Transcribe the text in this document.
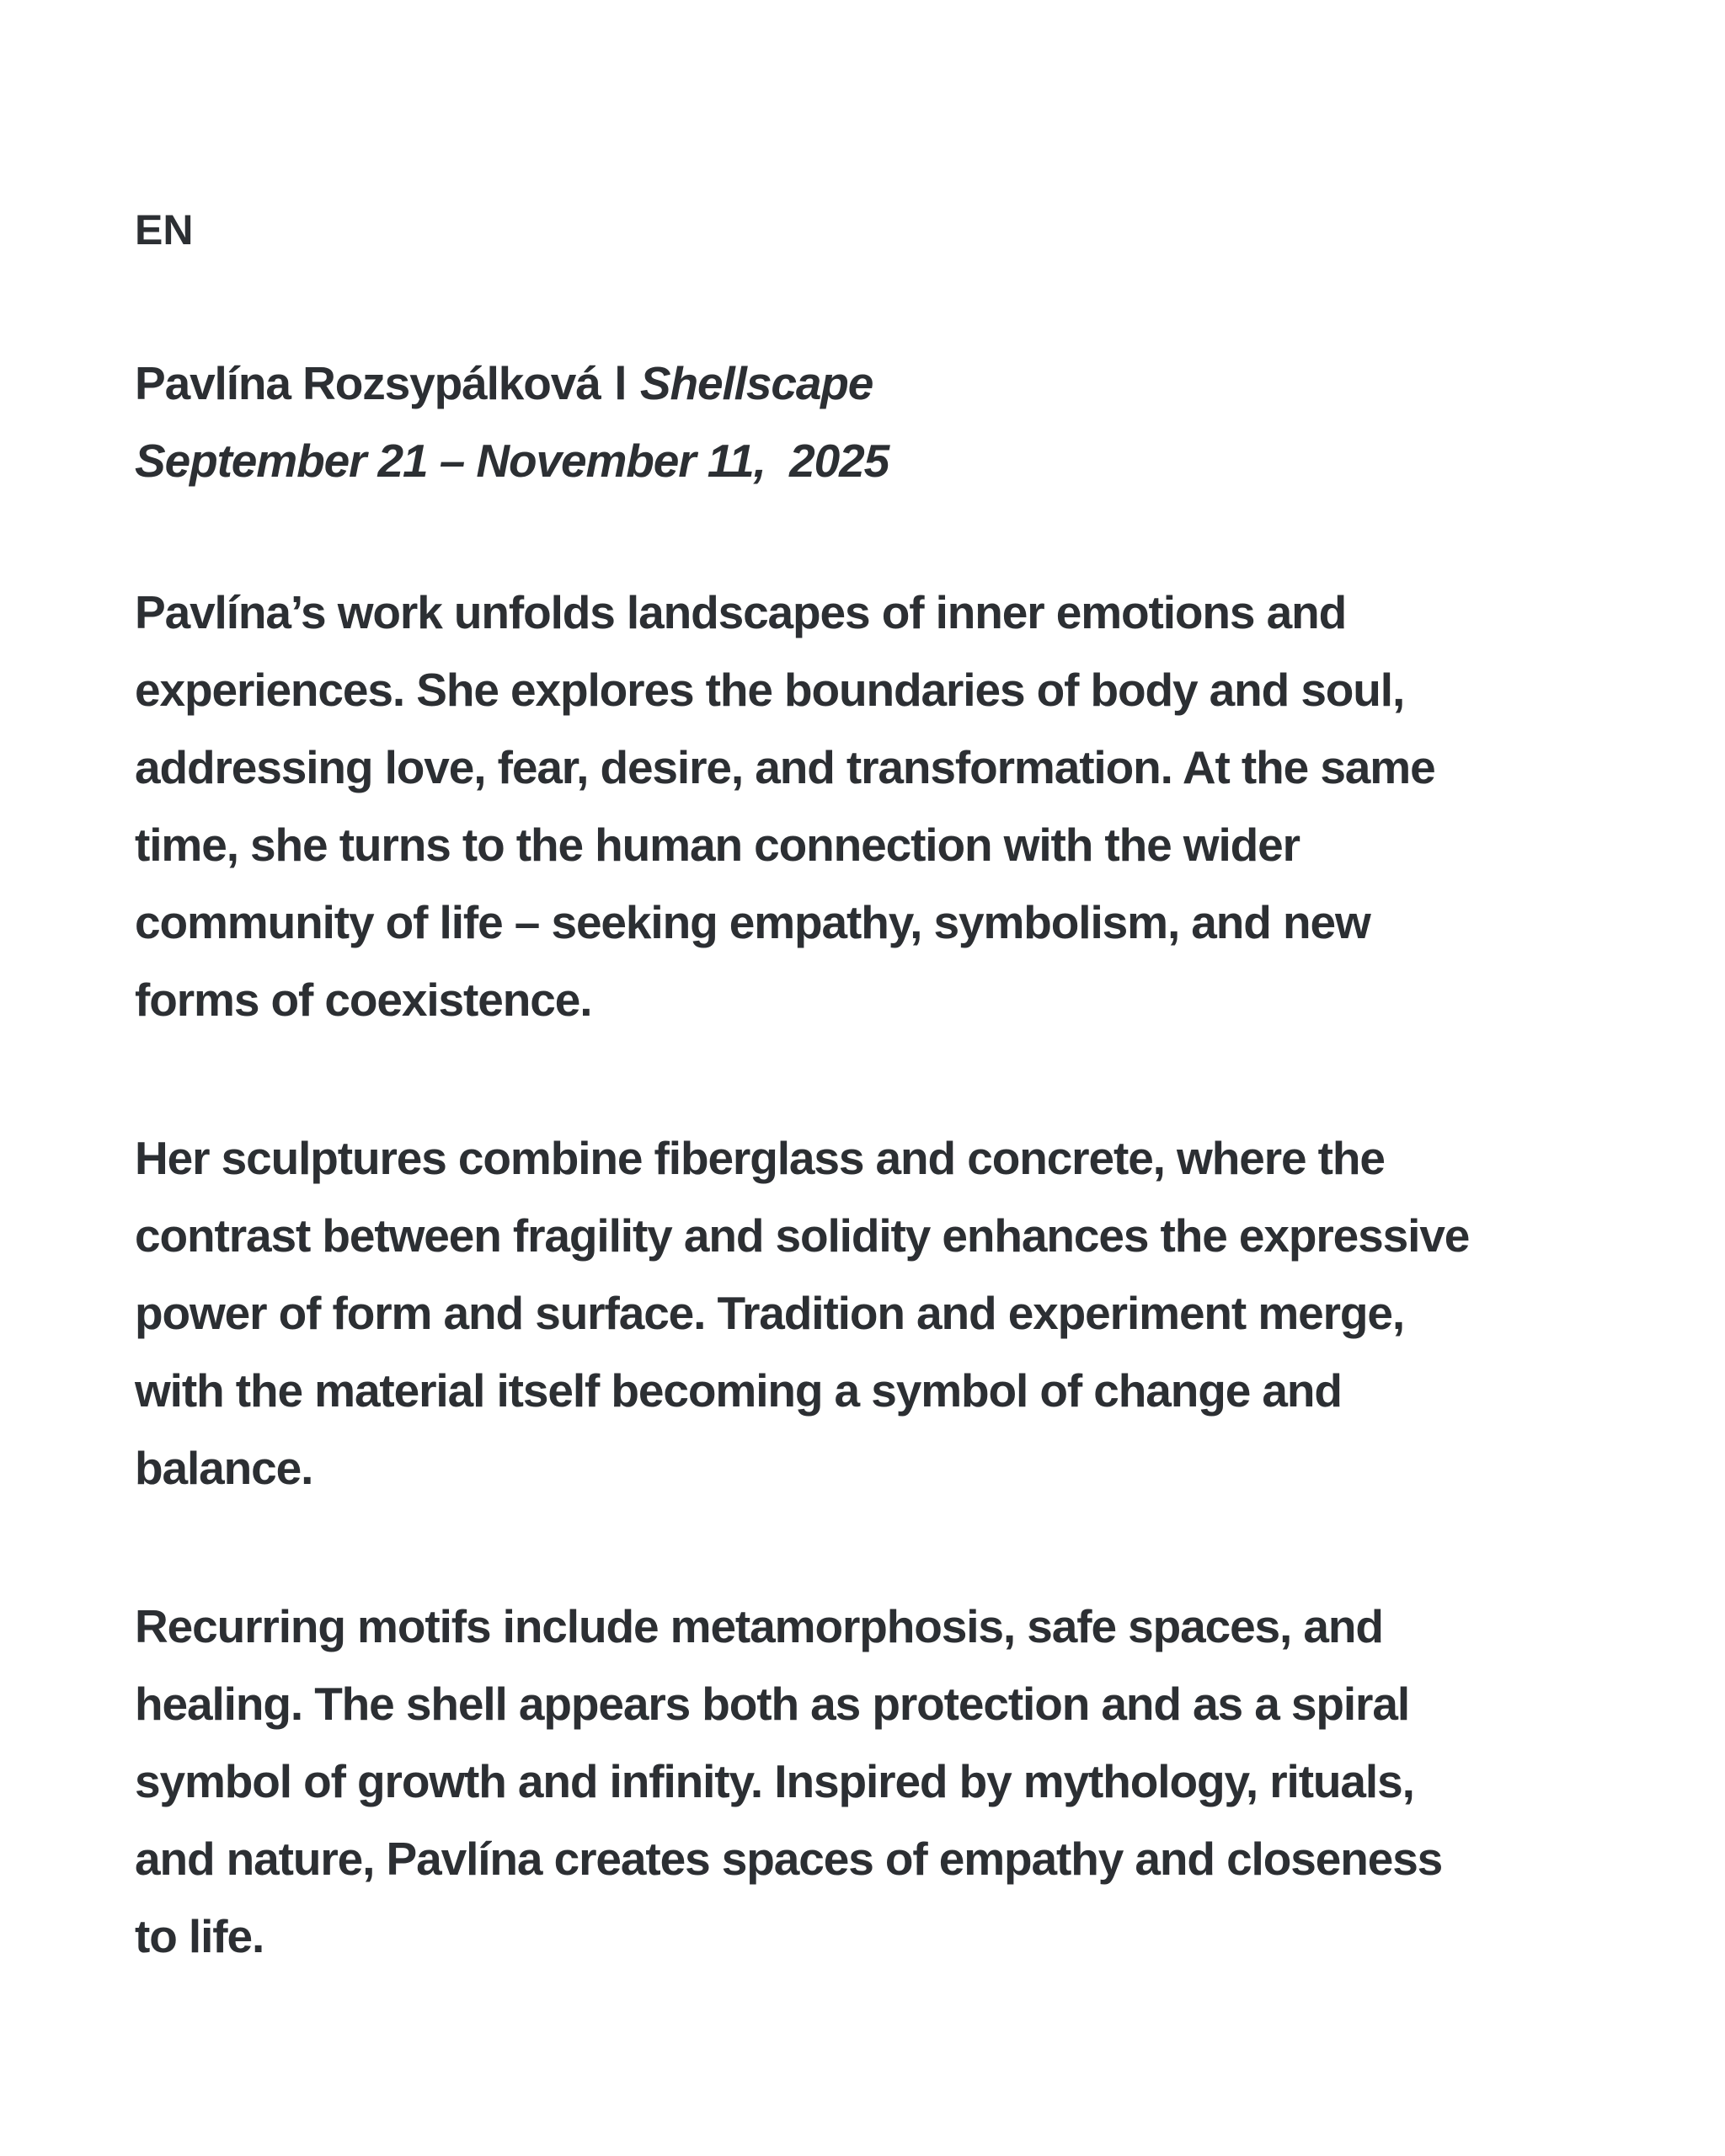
EN
Pavlína Rozsypálková l Shellscape
September 21 – November 11,  2025
Pavlína’s work unfolds landscapes of inner emotions and
experiences. She explores the boundaries of body and soul,
addressing love, fear, desire, and transformation. At the same
time, she turns to the human connection with the wider
community of life – seeking empathy, symbolism, and new
forms of coexistence.
Her sculptures combine fiberglass and concrete, where the
contrast between fragility and solidity enhances the expressive
power of form and surface. Tradition and experiment merge,
with the material itself becoming a symbol of change and
balance.
Recurring motifs include metamorphosis, safe spaces, and
healing. The shell appears both as protection and as a spiral
symbol of growth and infinity. Inspired by mythology, rituals,
and nature, Pavlína creates spaces of empathy and closeness
to life.
